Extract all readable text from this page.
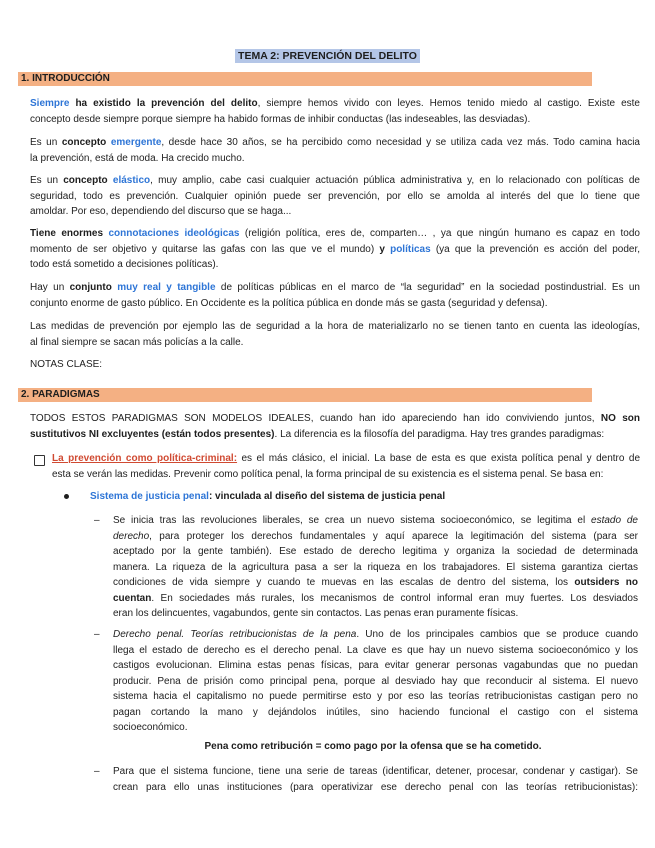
TEMA 2: PREVENCIÓN DEL DELITO
1. INTRODUCCIÓN
Siempre ha existido la prevención del delito, siempre hemos vivido con leyes. Hemos tenido miedo al castigo. Existe este
concepto desde siempre porque siempre ha habido formas de inhibir conductas (las indeseables, las desviadas).
Es un concepto emergente, desde hace 30 años, se ha percibido como necesidad y se utiliza cada vez más. Todo camina hacia
la prevención, está de moda. Ha crecido mucho.
Es un concepto elástico, muy amplio, cabe casi cualquier actuación pública administrativa y, en lo relacionado con políticas de
seguridad, todo es prevención. Cualquier opinión puede ser prevención, por ello se amolda al interés del que lo tiene que
amoldar. Por eso, dependiendo del discurso que se haga...
Tiene enormes connotaciones ideológicas (religión política, eres de, comparten… , ya que ningún humano es capaz en todo
momento de ser objetivo y quitarse las gafas con las que ve el mundo) y políticas (ya que la prevención es acción del poder,
todo está sometido a decisiones políticas).
Hay un conjunto muy real y tangible de políticas públicas en el marco de “la seguridad” en la sociedad postindustrial. Es un
conjunto enorme de gasto público. En Occidente es la política pública en donde más se gasta (seguridad y defensa).
Las medidas de prevención por ejemplo las de seguridad a la hora de materializarlo no se tienen tanto en cuenta las ideologías,
al final siempre se sacan más policías a la calle.
NOTAS CLASE:
2. PARADIGMAS
TODOS ESTOS PARADIGMAS SON MODELOS IDEALES, cuando han ido apareciendo han ido conviviendo juntos, NO son
sustitutivos NI excluyentes (están todos presentes). La diferencia es la filosofía del paradigma. Hay tres grandes paradigmas:
La prevención como política-criminal: es el más clásico, el inicial. La base de esta es que exista política penal y dentro de
esta se verán las medidas. Prevenir como política penal, la forma principal de su existencia es el sistema penal. Se basa en:
Sistema de justicia penal: vinculada al diseño del sistema de justicia penal
– Se inicia tras las revoluciones liberales, se crea un nuevo sistema socioeconómico, se legitima el estado de
derecho, para proteger los derechos fundamentales y aquí aparece la legitimación del sistema (para ser
aceptado por la gente también). Ese estado de derecho legitima y organiza la sociedad de determinada
manera. La riqueza de la agricultura pasa a ser la riqueza en los trabajadores. El sistema garantiza ciertas
condiciones de vida siempre y cuando te muevas en las escalas de dentro del sistema, los outsiders no
cuentan. En sociedades más rurales, los mecanismos de control informal eran muy fuertes. Los desviados
eran los delincuentes, vagabundos, gente sin contactos. Las penas eran puramente físicas.
– Derecho penal. Teorías retribucionistas de la pena. Uno de los principales cambios que se produce cuando
llega el estado de derecho es el derecho penal. La clave es que hay un nuevo sistema socioeconómico y los
castigos evolucionan. Elimina estas penas físicas, para evitar generar personas vagabundas que no puedan
producir. Pena de prisión como principal pena, porque al desviado hay que reconducir al sistema. El nuevo
sistema hacia el capitalismo no puede permitirse esto y por eso las teorías retribucionistas castigan pero no
pagan cortando la mano y dejándolos inútiles, sino haciendo funcional el castigo con el sistema
socioeconómico.
Pena como retribución = como pago por la ofensa que se ha cometido.
– Para que el sistema funcione, tiene una serie de tareas (identificar, detener, procesar, condenar y castigar). Se
crean para ello unas instituciones (para operativizar ese derecho penal con las teorías retribucionistas):
